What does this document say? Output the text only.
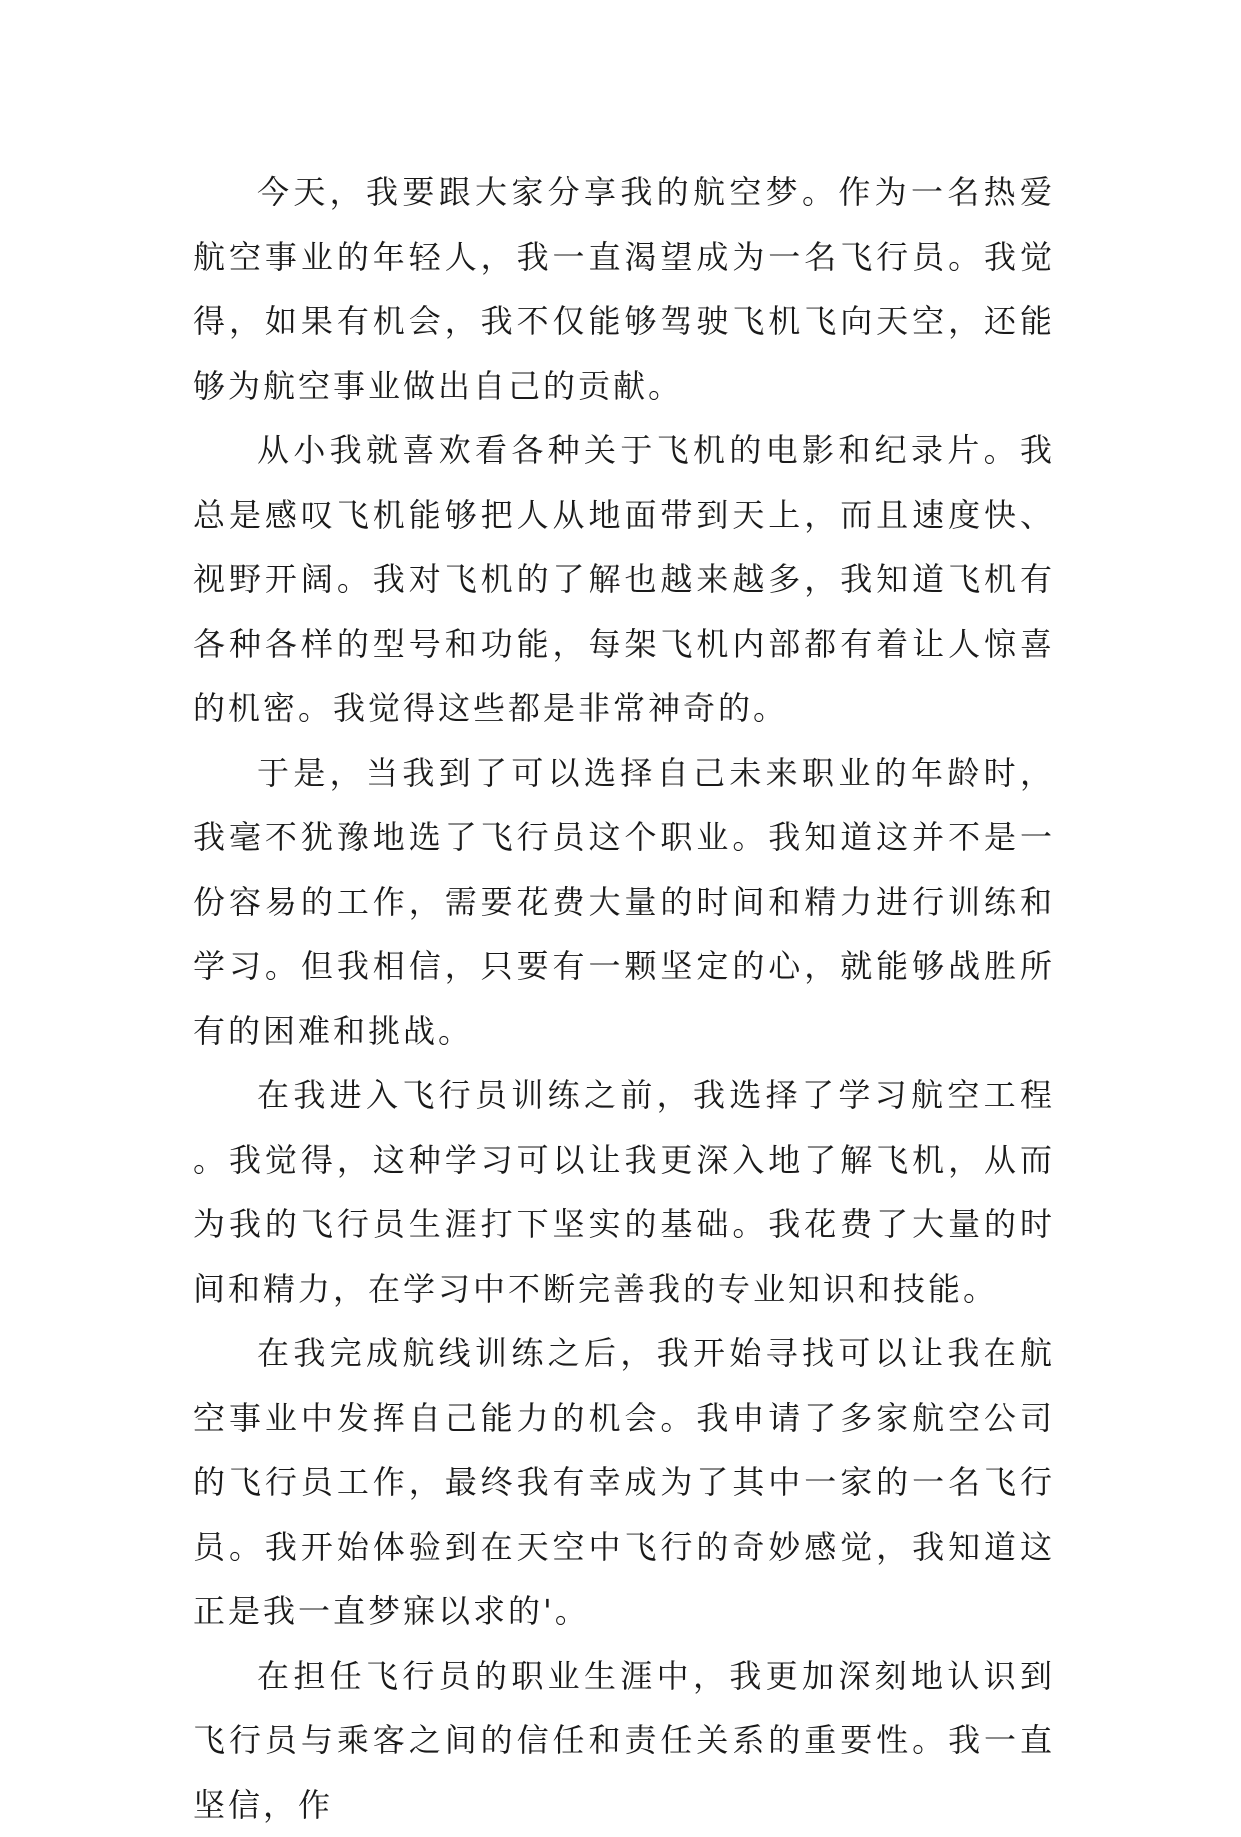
今天，我要跟大家分享我的航空梦。作为一名热爱航空事业的年轻人，我一直渴望成为一名飞行员。我觉得，如果有机会，我不仅能够驾驶飞机飞向天空，还能够为航空事业做出自己的贡献。

从小我就喜欢看各种关于飞机的电影和纪录片。我总是感叹飞机能够把人从地面带到天上，而且速度快、视野开阔。我对飞机的了解也越来越多，我知道飞机有各种各样的型号和功能，每架飞机内部都有着让人惊喜的机密。我觉得这些都是非常神奇的。

于是，当我到了可以选择自己未来职业的年龄时，我毫不犹豫地选了飞行员这个职业。我知道这并不是一份容易的工作，需要花费大量的时间和精力进行训练和学习。但我相信，只要有一颗坚定的心，就能够战胜所有的困难和挑战。

在我进入飞行员训练之前，我选择了学习航空工程。我觉得，这种学习可以让我更深入地了解飞机，从而为我的飞行员生涯打下坚实的基础。我花费了大量的时间和精力，在学习中不断完善我的专业知识和技能。

在我完成航线训练之后，我开始寻找可以让我在航空事业中发挥自己能力的机会。我申请了多家航空公司的飞行员工作，最终我有幸成为了其中一家的一名飞行员。我开始体验到在天空中飞行的奇妙感觉，我知道这正是我一直梦寐以求的'。

在担任飞行员的职业生涯中，我更加深刻地认识到飞行员与乘客之间的信任和责任关系的重要性。我一直坚信，作
